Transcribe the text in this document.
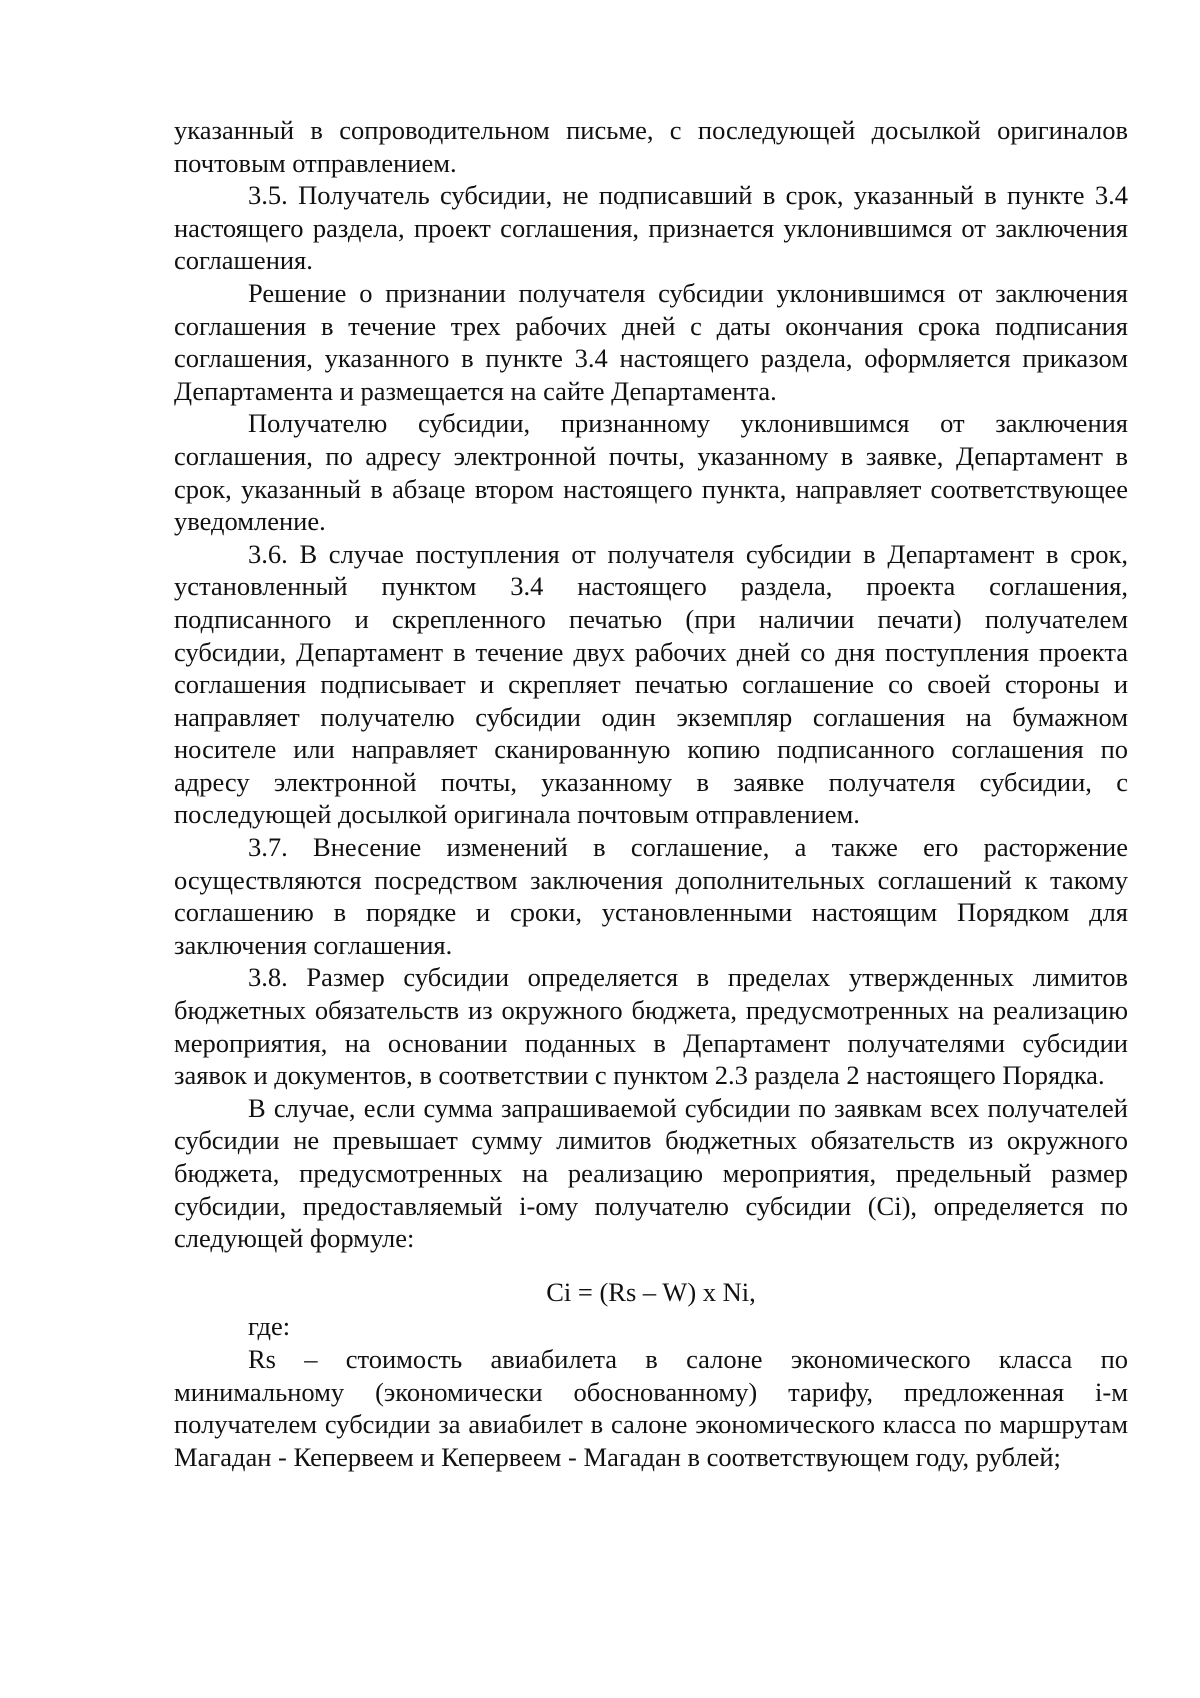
указанный в сопроводительном письме, с последующей досылкой оригиналов почтовым отправлением.

3.5. Получатель субсидии, не подписавший в срок, указанный в пункте 3.4 настоящего раздела, проект соглашения, признается уклонившимся от заключения соглашения.

Решение о признании получателя субсидии уклонившимся от заключения соглашения в течение трех рабочих дней с даты окончания срока подписания соглашения, указанного в пункте 3.4 настоящего раздела, оформляется приказом Департамента и размещается на сайте Департамента.

Получателю субсидии, признанному уклонившимся от заключения соглашения, по адресу электронной почты, указанному в заявке, Департамент в срок, указанный в абзаце втором настоящего пункта, направляет соответствующее уведомление.

3.6. В случае поступления от получателя субсидии в Департамент в срок, установленный пунктом 3.4 настоящего раздела, проекта соглашения, подписанного и скрепленного печатью (при наличии печати) получателем субсидии, Департамент в течение двух рабочих дней со дня поступления проекта соглашения подписывает и скрепляет печатью соглашение со своей стороны и направляет получателю субсидии один экземпляр соглашения на бумажном носителе или направляет сканированную копию подписанного соглашения по адресу электронной почты, указанному в заявке получателя субсидии, с последующей досылкой оригинала почтовым отправлением.

3.7. Внесение изменений в соглашение, а также его расторжение осуществляются посредством заключения дополнительных соглашений к такому соглашению в порядке и сроки, установленными настоящим Порядком для заключения соглашения.

3.8. Размер субсидии определяется в пределах утвержденных лимитов бюджетных обязательств из окружного бюджета, предусмотренных на реализацию мероприятия, на основании поданных в Департамент получателями субсидии заявок и документов, в соответствии с пунктом 2.3 раздела 2 настоящего Порядка.

В случае, если сумма запрашиваемой субсидии по заявкам всех получателей субсидии не превышает сумму лимитов бюджетных обязательств из окружного бюджета, предусмотренных на реализацию мероприятия, предельный размер субсидии, предоставляемый i-ому получателю субсидии (Сi), определяется по следующей формуле:

Сi = (Rs – W) x Ni,

где:

Rs – стоимость авиабилета в салоне экономического класса по минимальному (экономически обоснованному) тарифу, предложенная i-м получателем субсидии за авиабилет в салоне экономического класса по маршрутам Магадан - Кепервеем и Кепервеем - Магадан в соответствующем году, рублей;
